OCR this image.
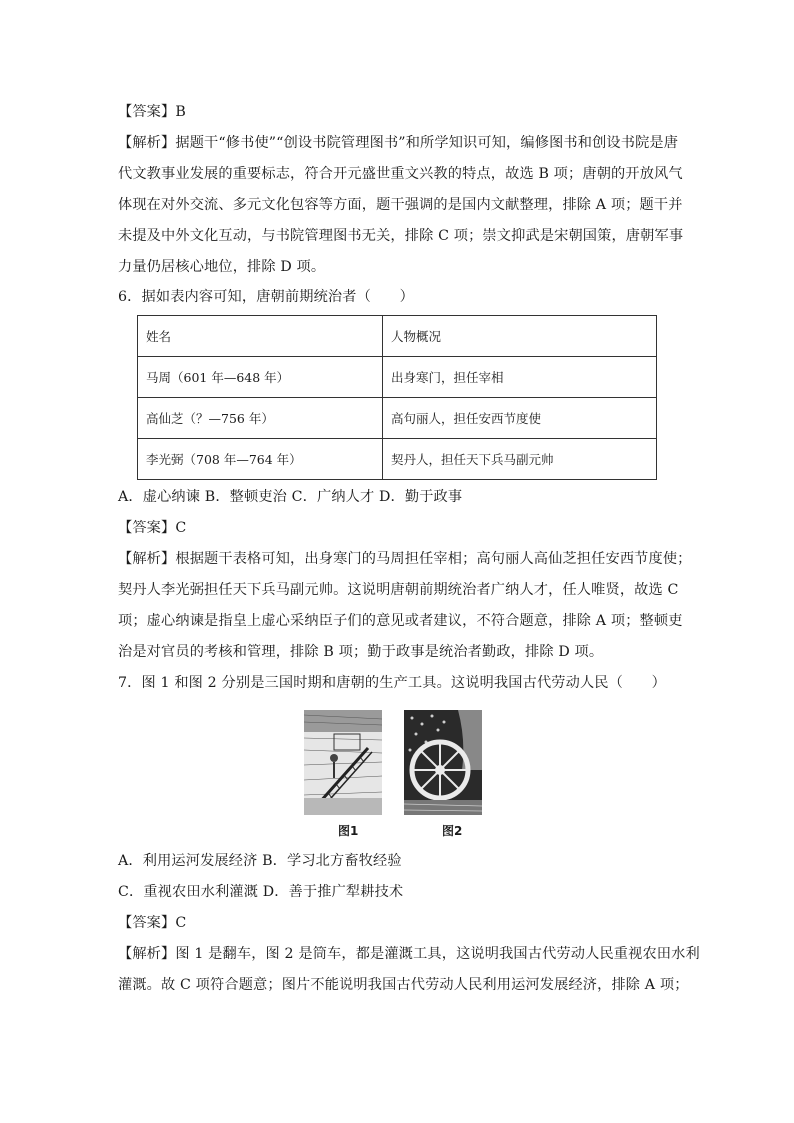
【答案】B
【解析】据题干“修书使”“创设书院管理图书”和所学知识可知，编修图书和创设书院是唐
代文教事业发展的重要标志，符合开元盛世重文兴教的特点，故选 B 项；唐朝的开放风气
体现在对外交流、多元文化包容等方面，题干强调的是国内文献整理，排除 A 项；题干并
未提及中外文化互动，与书院管理图书无关，排除 C 项；崇文抑武是宋朝国策，唐朝军事
力量仍居核心地位，排除 D 项。
6．据如表内容可知，唐朝前期统治者（　　）
姓名	人物概况
马周（601 年—648 年）	出身寒门，担任宰相
高仙芝（？—756 年）	高句丽人，担任安西节度使
李光弼（708 年—764 年）	契丹人，担任天下兵马副元帅
A．虚心纳谏 B．整顿吏治 C．广纳人才 D．勤于政事
【答案】C
【解析】根据题干表格可知，出身寒门的马周担任宰相；高句丽人高仙芝担任安西节度使；
契丹人李光弼担任天下兵马副元帅。这说明唐朝前期统治者广纳人才，任人唯贤，故选 C
项；虚心纳谏是指皇上虚心采纳臣子们的意见或者建议，不符合题意，排除 A 项；整顿吏
治是对官员的考核和管理，排除 B 项；勤于政事是统治者勤政，排除 D 项。
7．图 1 和图 2 分别是三国时期和唐朝的生产工具。这说明我国古代劳动人民（　　）
图1	图2
A．利用运河发展经济 B．学习北方畜牧经验
C．重视农田水利灌溉 D．善于推广犁耕技术
【答案】C
【解析】图 1 是翻车，图 2 是筒车，都是灌溉工具，这说明我国古代劳动人民重视农田水利
灌溉。故 C 项符合题意；图片不能说明我国古代劳动人民利用运河发展经济，排除 A 项；
